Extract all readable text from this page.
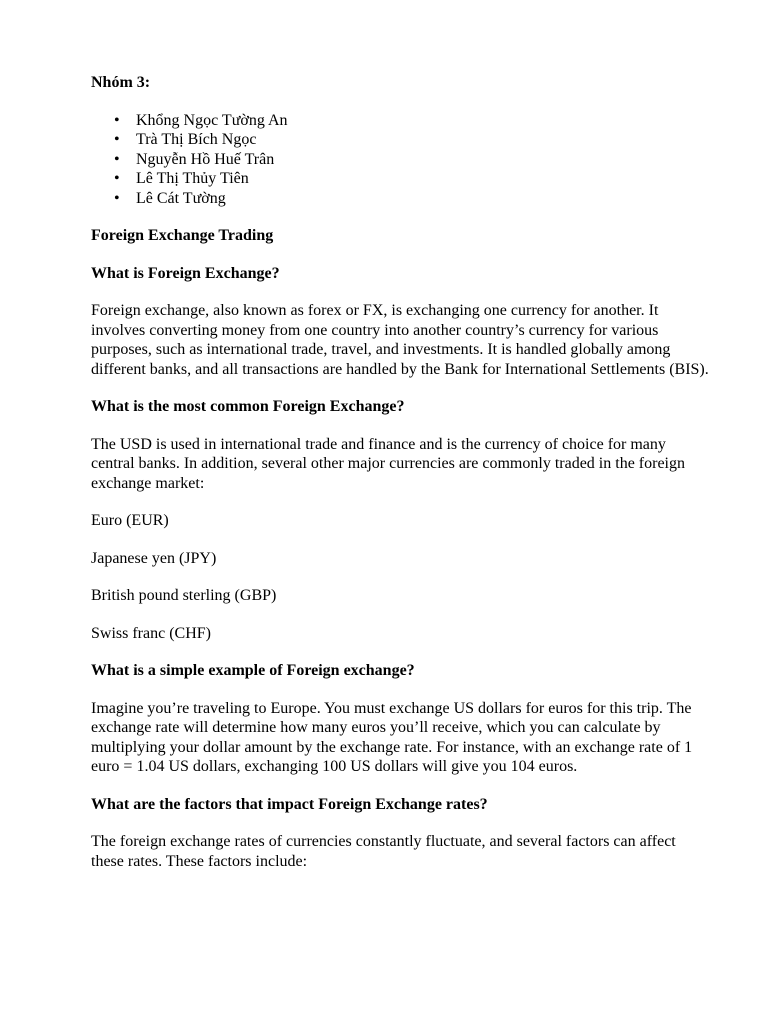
Nhóm 3:

• Khổng Ngọc Tường An
• Trà Thị Bích Ngọc
• Nguyễn Hồ Huế Trân
• Lê Thị Thủy Tiên
• Lê Cát Tường

Foreign Exchange Trading

What is Foreign Exchange?

Foreign exchange, also known as forex or FX, is exchanging one currency for another. It involves converting money from one country into another country’s currency for various purposes, such as international trade, travel, and investments. It is handled globally among different banks, and all transactions are handled by the Bank for International Settlements (BIS).

What is the most common Foreign Exchange?

The USD is used in international trade and finance and is the currency of choice for many central banks. In addition, several other major currencies are commonly traded in the foreign exchange market:

Euro (EUR)

Japanese yen (JPY)

British pound sterling (GBP)

Swiss franc (CHF)

What is a simple example of Foreign exchange?

Imagine you’re traveling to Europe. You must exchange US dollars for euros for this trip. The exchange rate will determine how many euros you’ll receive, which you can calculate by multiplying your dollar amount by the exchange rate. For instance, with an exchange rate of 1 euro = 1.04 US dollars, exchanging 100 US dollars will give you 104 euros.

What are the factors that impact Foreign Exchange rates?

The foreign exchange rates of currencies constantly fluctuate, and several factors can affect these rates. These factors include:
